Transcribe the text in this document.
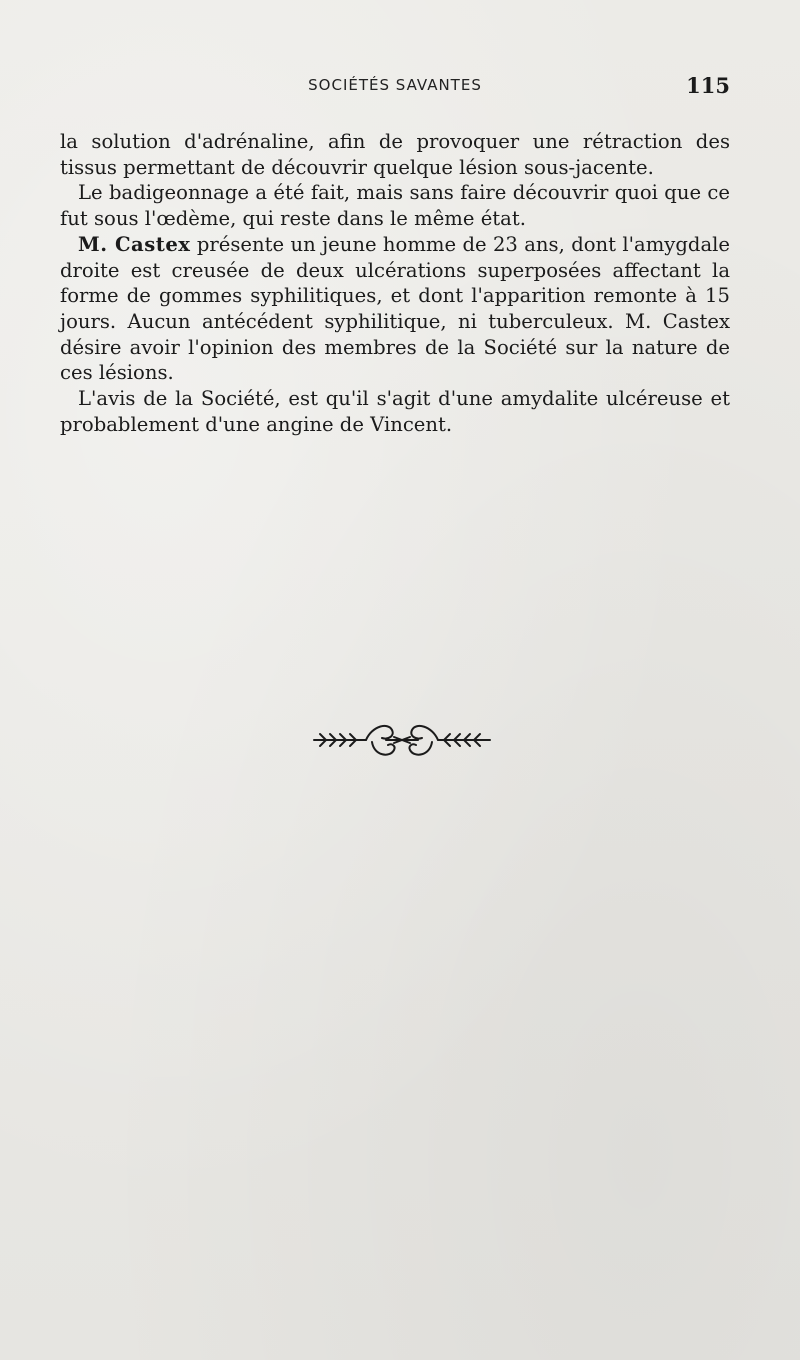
SOCIÉTÉS SAVANTES	115

la solution d'adrénaline, afin de provoquer une rétraction des tissus permettant de découvrir quelque lésion sous-jacente.

Le badigeonnage a été fait, mais sans faire découvrir quoi que ce fut sous l'œdème, qui reste dans le même état.

M. Castex présente un jeune homme de 23 ans, dont l'amygdale droite est creusée de deux ulcérations superposées affectant la forme de gommes syphilitiques, et dont l'apparition remonte à 15 jours. Aucun antécédent syphilitique, ni tuberculeux. M. Castex désire avoir l'opinion des membres de la Société sur la nature de ces lésions.

L'avis de la Société, est qu'il s'agit d'une amydalite ulcéreuse et probablement d'une angine de Vincent.
